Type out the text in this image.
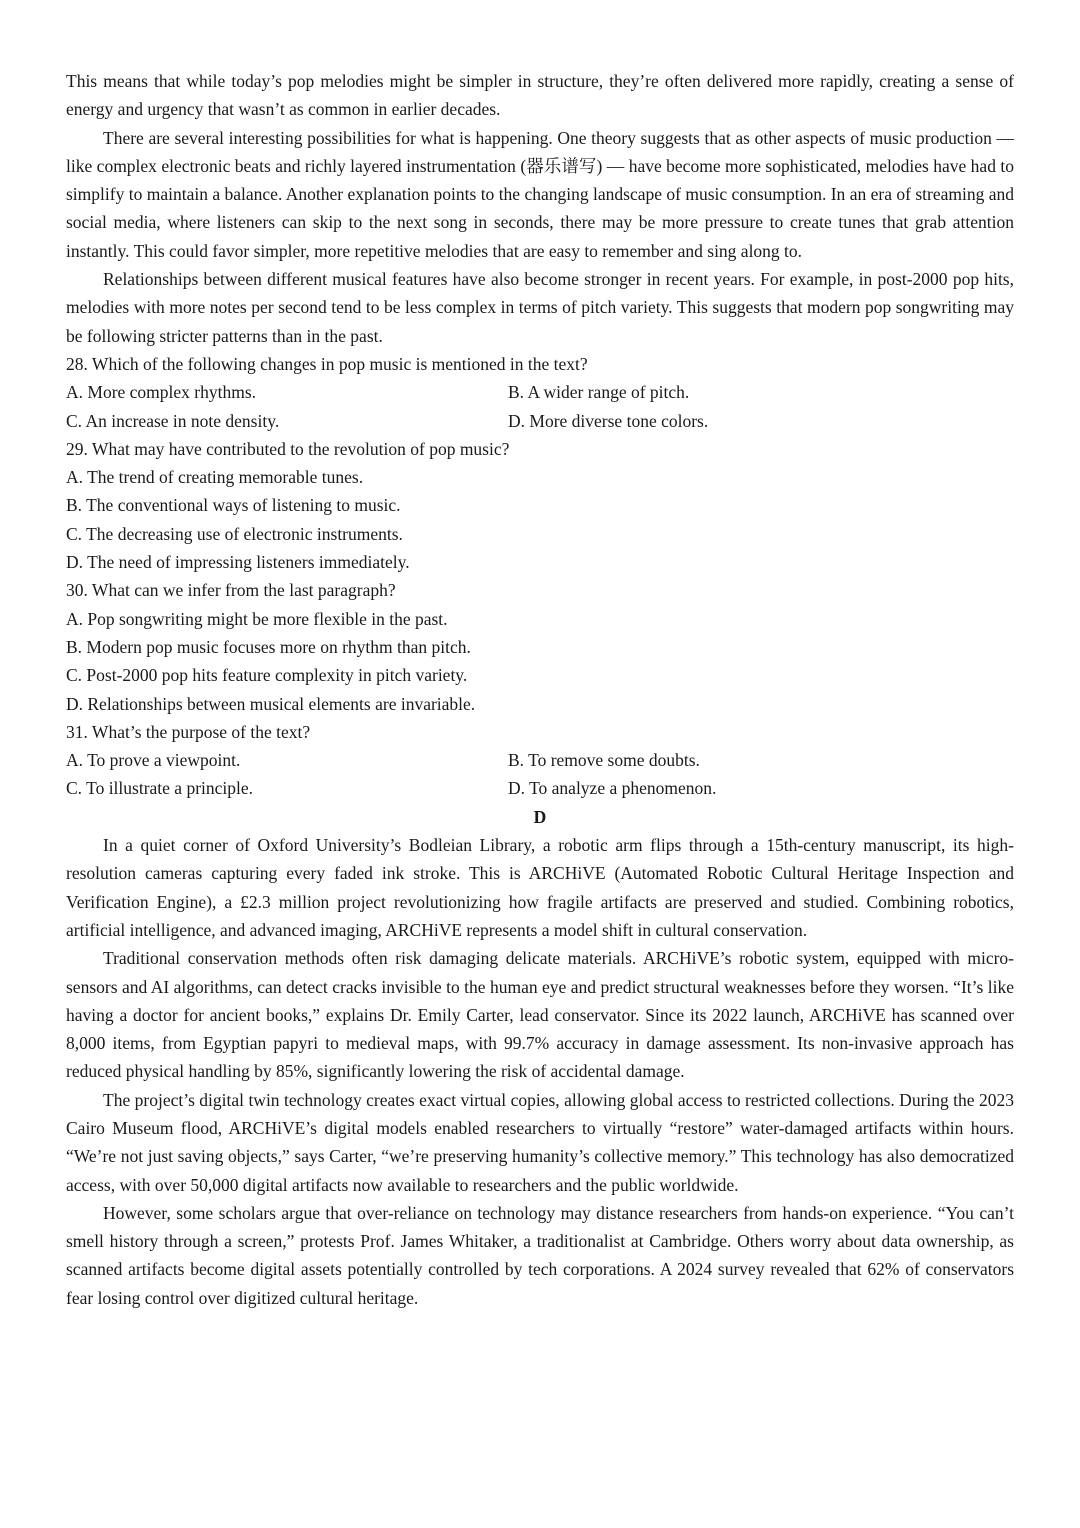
This means that while today’s pop melodies might be simpler in structure, they’re often delivered more rapidly, creating a sense of energy and urgency that wasn’t as common in earlier decades.

There are several interesting possibilities for what is happening. One theory suggests that as other aspects of music production — like complex electronic beats and richly layered instrumentation (器乐谱写) — have become more sophisticated, melodies have had to simplify to maintain a balance. Another explanation points to the changing landscape of music consumption. In an era of streaming and social media, where listeners can skip to the next song in seconds, there may be more pressure to create tunes that grab attention instantly. This could favor simpler, more repetitive melodies that are easy to remember and sing along to.

Relationships between different musical features have also become stronger in recent years. For example, in post-2000 pop hits, melodies with more notes per second tend to be less complex in terms of pitch variety. This suggests that modern pop songwriting may be following stricter patterns than in the past.

28. Which of the following changes in pop music is mentioned in the text?
A. More complex rhythms.	B. A wider range of pitch.
C. An increase in note density.	D. More diverse tone colors.
29. What may have contributed to the revolution of pop music?
A. The trend of creating memorable tunes.
B. The conventional ways of listening to music.
C. The decreasing use of electronic instruments.
D. The need of impressing listeners immediately.
30. What can we infer from the last paragraph?
A. Pop songwriting might be more flexible in the past.
B. Modern pop music focuses more on rhythm than pitch.
C. Post-2000 pop hits feature complexity in pitch variety.
D. Relationships between musical elements are invariable.
31. What’s the purpose of the text?
A. To prove a viewpoint.	B. To remove some doubts.
C. To illustrate a principle.	D. To analyze a phenomenon.
D

In a quiet corner of Oxford University’s Bodleian Library, a robotic arm flips through a 15th-century manuscript, its high-resolution cameras capturing every faded ink stroke. This is ARCHiVE (Automated Robotic Cultural Heritage Inspection and Verification Engine), a £2.3 million project revolutionizing how fragile artifacts are preserved and studied. Combining robotics, artificial intelligence, and advanced imaging, ARCHiVE represents a model shift in cultural conservation.

Traditional conservation methods often risk damaging delicate materials. ARCHiVE’s robotic system, equipped with micro-sensors and AI algorithms, can detect cracks invisible to the human eye and predict structural weaknesses before they worsen. “It’s like having a doctor for ancient books,” explains Dr. Emily Carter, lead conservator. Since its 2022 launch, ARCHiVE has scanned over 8,000 items, from Egyptian papyri to medieval maps, with 99.7% accuracy in damage assessment. Its non-invasive approach has reduced physical handling by 85%, significantly lowering the risk of accidental damage.

The project’s digital twin technology creates exact virtual copies, allowing global access to restricted collections. During the 2023 Cairo Museum flood, ARCHiVE’s digital models enabled researchers to virtually “restore” water-damaged artifacts within hours. “We’re not just saving objects,” says Carter, “we’re preserving humanity’s collective memory.” This technology has also democratized access, with over 50,000 digital artifacts now available to researchers and the public worldwide.

However, some scholars argue that over-reliance on technology may distance researchers from hands-on experience. “You can’t smell history through a screen,” protests Prof. James Whitaker, a traditionalist at Cambridge. Others worry about data ownership, as scanned artifacts become digital assets potentially controlled by tech corporations. A 2024 survey revealed that 62% of conservators fear losing control over digitized cultural heritage.
